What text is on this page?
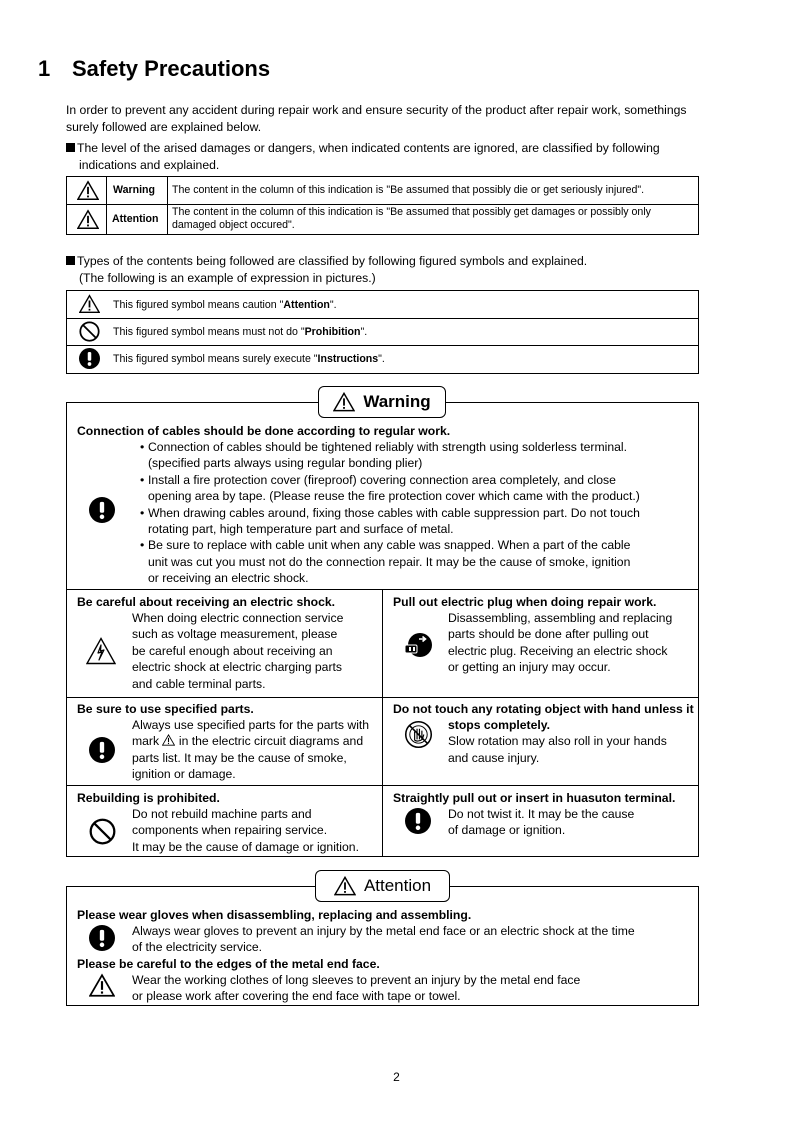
1 Safety Precautions
In order to prevent any accident during repair work and ensure security of the product after repair work, somethings
surely followed are explained below.
The level of the arised damages or dangers, when indicated contents are ignored, are classified by following
indications and explained.
Warning
Attention
The content in the column of this indication is "Be assumed that possibly die or get seriously injured".
The content in the column of this indication is "Be assumed that possibly get damages or possibly only
damaged object occured".
Types of the contents being followed are classified by following figured symbols and explained.
(The following is an example of expression in pictures.)
This figured symbol means caution "Attention".
This figured symbol means must not do "Prohibition".
This figured symbol means surely execute "Instructions".
Warning
Connection of cables should be done according to regular work.
• Connection of cables should be tightened reliably with strength using solderless terminal.
(specified parts always using regular bonding plier)
• Install a fire protection cover (fireproof) covering connection area completely, and close
opening area by tape. (Please reuse the fire protection cover which came with the product.)
• When drawing cables around, fixing those cables with cable suppression part. Do not touch
rotating part, high temperature part and surface of metal.
• Be sure to replace with cable unit when any cable was snapped. When a part of the cable
unit was cut you must not do the connection repair. It may be the cause of smoke, ignition
or receiving an electric shock.
Be careful about receiving an electric shock.
When doing electric connection service
such as voltage measurement, please
be careful enough about receiving an
electric shock at electric charging parts
and cable terminal parts.
Pull out electric plug when doing repair work.
Disassembling, assembling and replacing
parts should be done after pulling out
electric plug. Receiving an electric shock
or getting an injury may occur.
Be sure to use specified parts.
Always use specified parts for the parts with
mark  in the electric circuit diagrams and
parts list. It may be the cause of smoke,
ignition or damage.
Do not touch any rotating object with hand unless it
stops completely.
Slow rotation may also roll in your hands
and cause injury.
Rebuilding is prohibited.
Do not rebuild machine parts and
components when repairing service.
It may be the cause of damage or ignition.
Straightly pull out or insert in huasuton terminal.
Do not twist it. It may be the cause
of damage or ignition.
Attention
Please wear gloves when disassembling, replacing and assembling.
Always wear gloves to prevent an injury by the metal end face or an electric shock at the time
of the electricity service.
Please be careful to the edges of the metal end face.
Wear the working clothes of long sleeves to prevent an injury by the metal end face
or please work after covering the end face with tape or towel.
2
